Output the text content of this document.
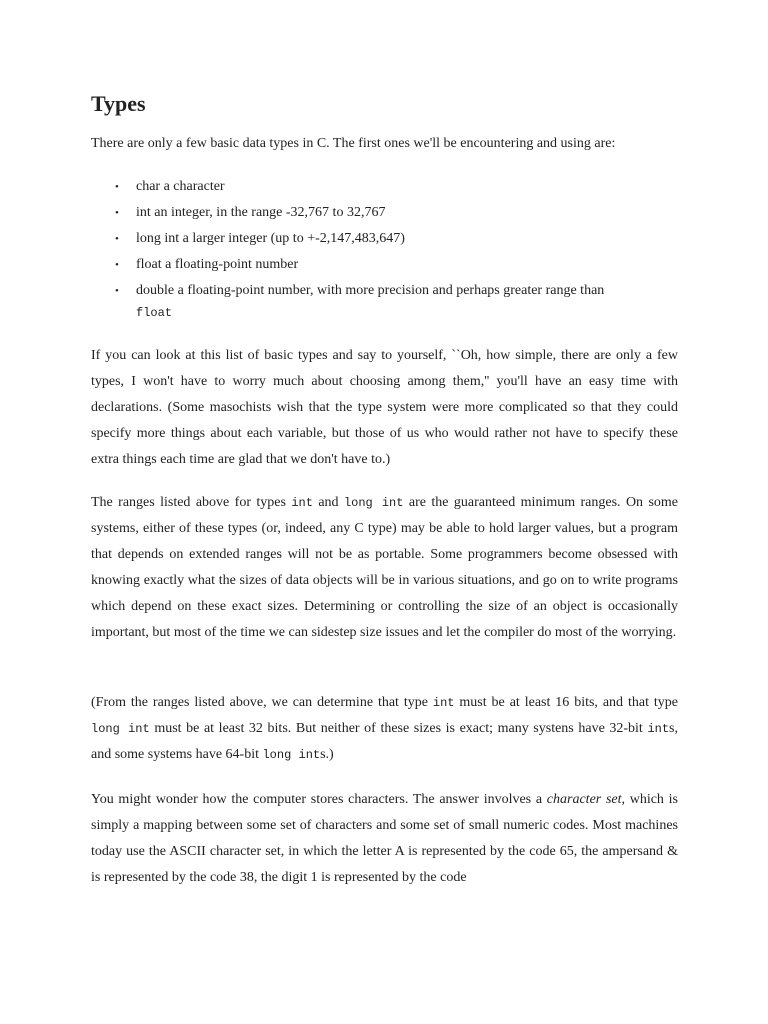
Types

There are only a few basic data types in C. The first ones we'll be encountering and using are:

• char a character
• int an integer, in the range -32,767 to 32,767
• long int a larger integer (up to +-2,147,483,647)
• float a floating-point number
• double a floating-point number, with more precision and perhaps greater range than
float

If you can look at this list of basic types and say to yourself, ``Oh, how simple, there are only a few types, I won't have to worry much about choosing among them,'' you'll have an easy time with declarations. (Some masochists wish that the type system were more complicated so that they could specify more things about each variable, but those of us who would rather not have to specify these extra things each time are glad that we don't have to.)

The ranges listed above for types int and long int are the guaranteed minimum ranges. On some systems, either of these types (or, indeed, any C type) may be able to hold larger values, but a program that depends on extended ranges will not be as portable. Some programmers become obsessed with knowing exactly what the sizes of data objects will be in various situations, and go on to write programs which depend on these exact sizes. Determining or controlling the size of an object is occasionally important, but most of the time we can sidestep size issues and let the compiler do most of the worrying.

(From the ranges listed above, we can determine that type int must be at least 16 bits, and that type long int must be at least 32 bits. But neither of these sizes is exact; many systens have 32-bit ints, and some systems have 64-bit long ints.)

You might wonder how the computer stores characters. The answer involves a character set, which is simply a mapping between some set of characters and some set of small numeric codes. Most machines today use the ASCII character set, in which the letter A is represented by the code 65, the ampersand & is represented by the code 38, the digit 1 is represented by the code
